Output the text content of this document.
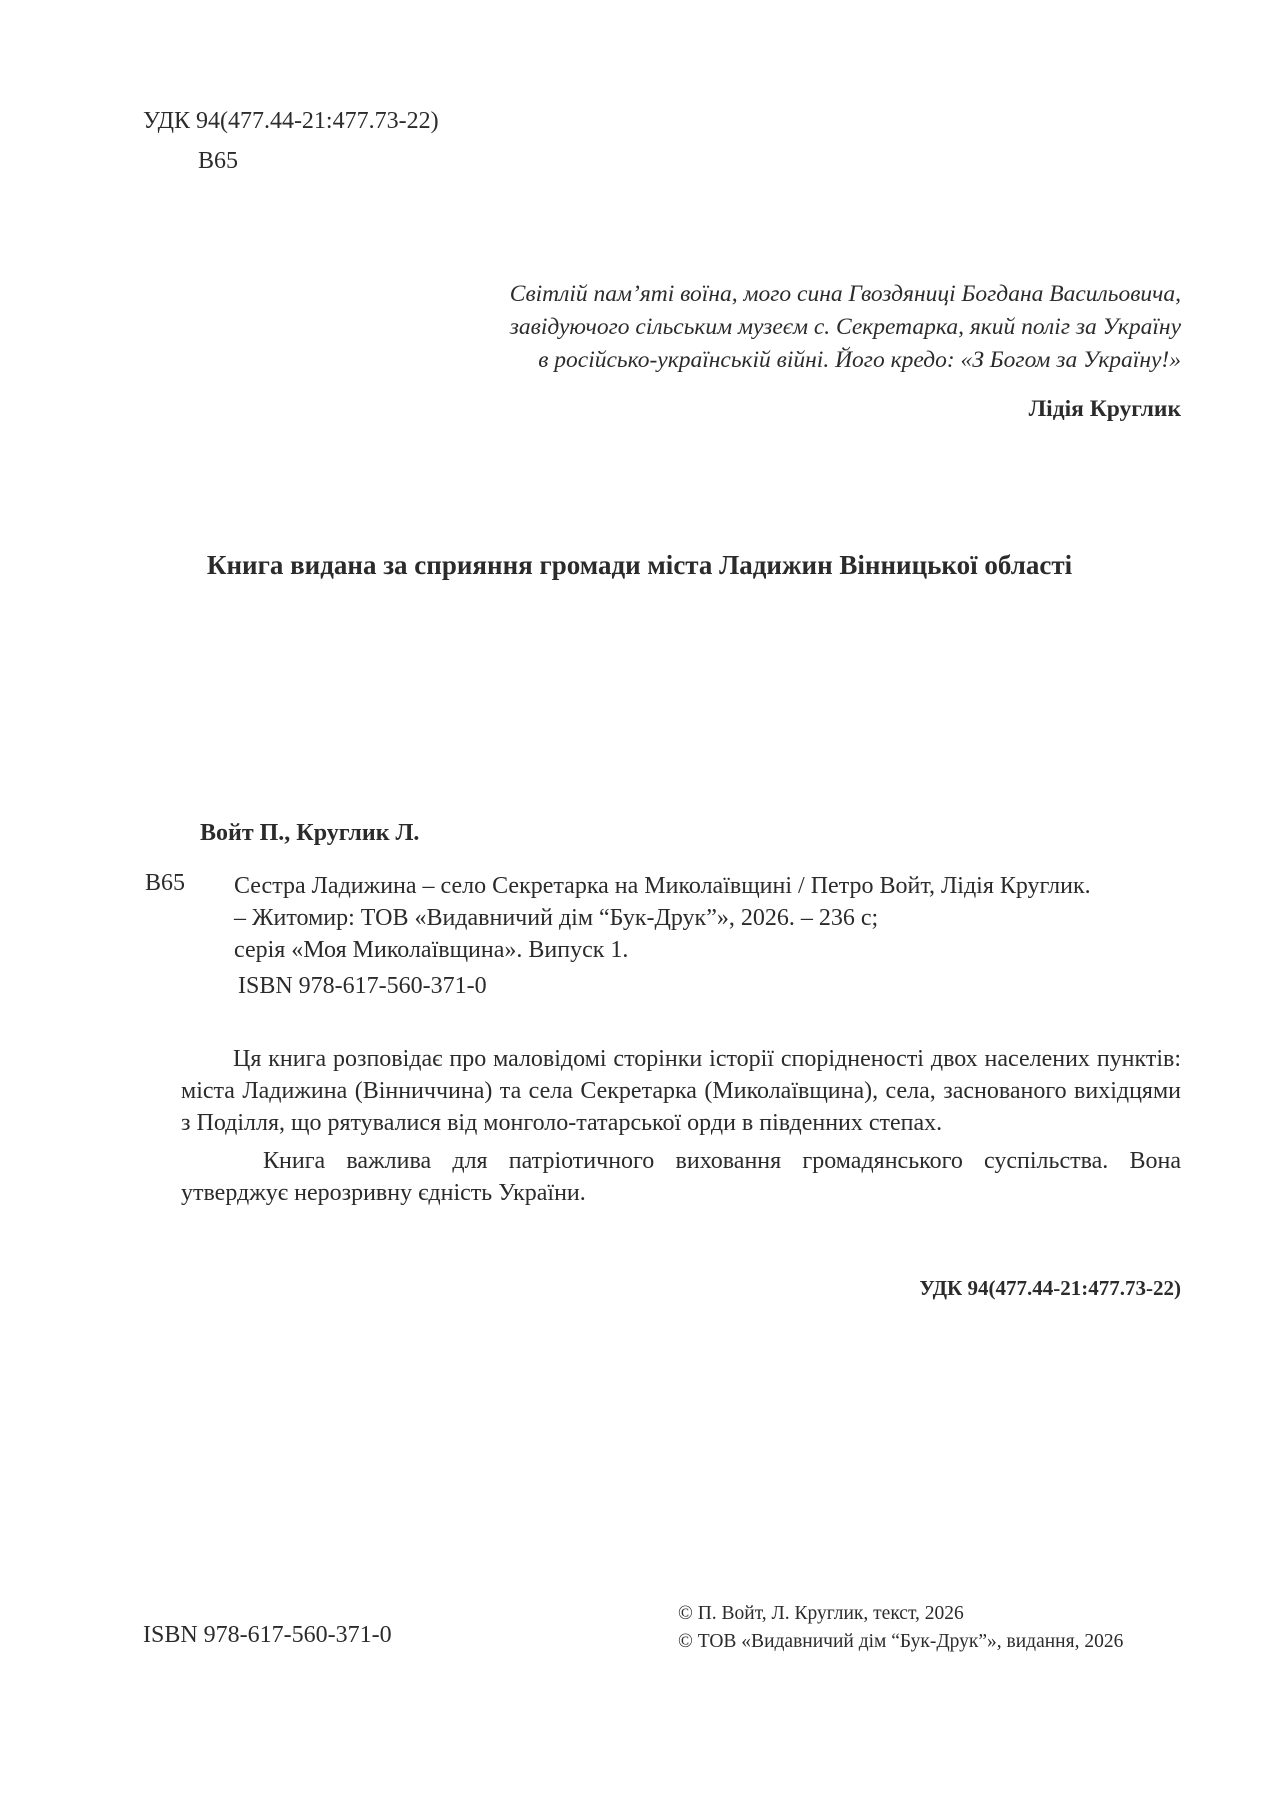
УДК 94(477.44-21:477.73-22)
В65
Світлій пам’яті воїна, мого сина Гвоздяниці Богдана Васильовича,
завідуючого сільським музеєм с. Секретарка, який поліг за Україну
в російсько-українській війні. Його кредо: «З Богом за Україну!»
Лідія Круглик
Книга видана за сприяння громади міста Ладижин Вінницької області
Войт П., Круглик Л.
В65 Сестра Ладижина – село Секретарка на Миколаївщині / Петро Войт, Лідія Круглик.
– Житомир: ТОВ «Видавничий дім “Бук-Друк”», 2026. – 236 с;
серія «Моя Миколаївщина». Випуск 1.
ISBN 978-617-560-371-0

Ця книга розповідає про маловідомі сторінки історії спорідненості двох населених пунктів: міста Ладижина (Вінниччина) та села Секретарка (Миколаївщина), села, заснованого вихідцями з Поділля, що рятувалися від монголо-татарської орди в південних степах.

Книга важлива для патріотичного виховання громадянського суспільства. Вона утверджує нерозривну єдність України.

УДК 94(477.44-21:477.73-22)
ISBN 978-617-560-371-0
© П. Войт, Л. Круглик, текст, 2026
© ТОВ «Видавничий дім “Бук-Друк”», видання, 2026
